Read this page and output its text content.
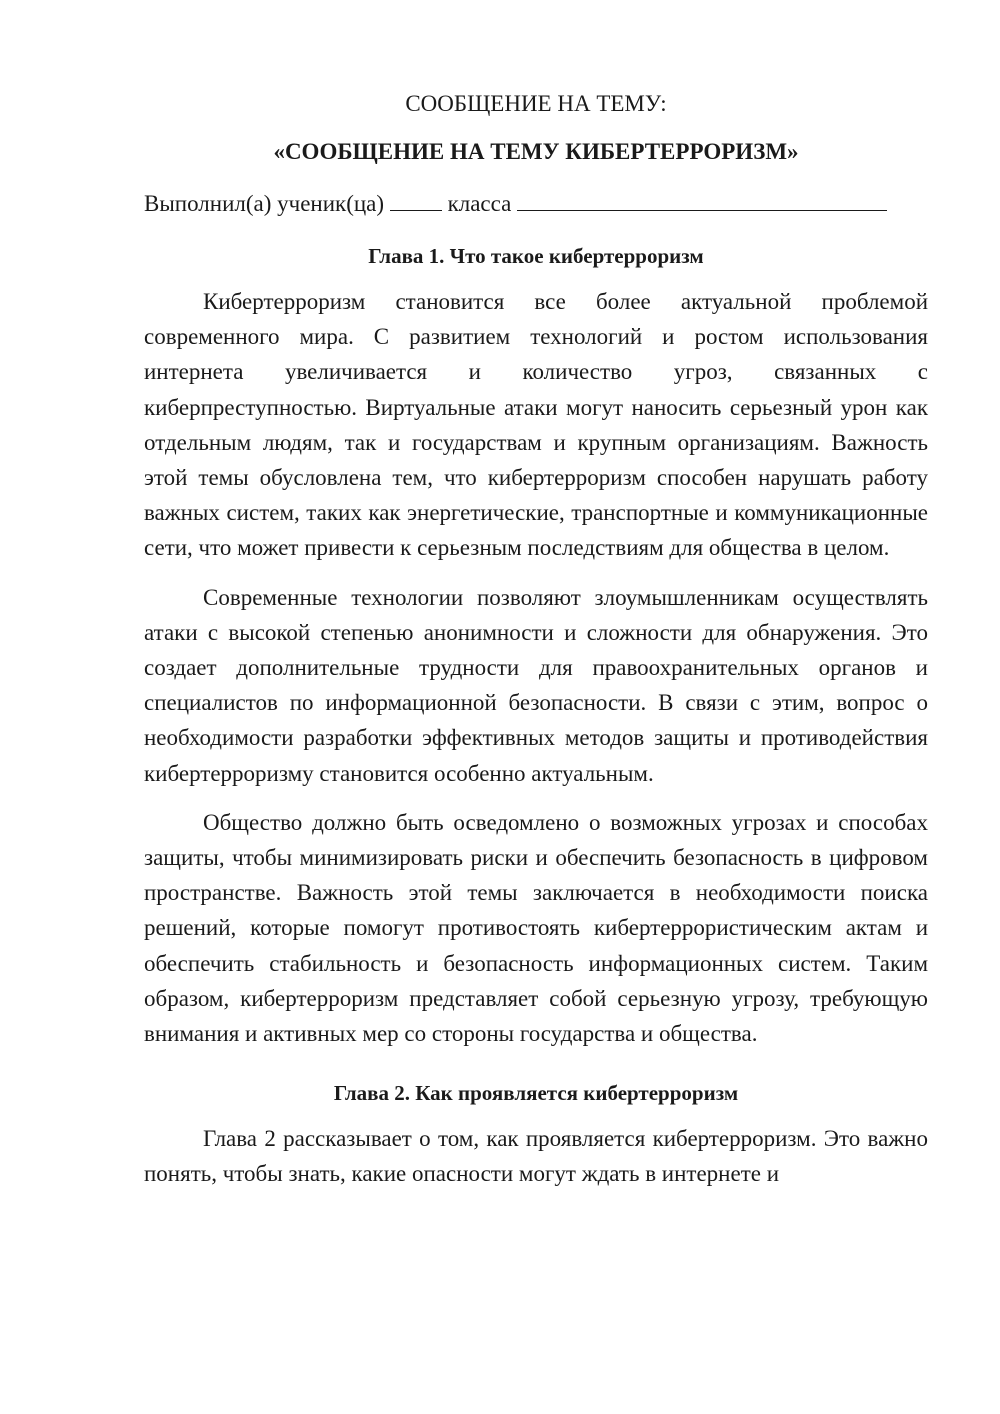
СООБЩЕНИЕ НА ТЕМУ:
«СООБЩЕНИЕ НА ТЕМУ КИБЕРТЕРРОРИЗМ»

Выполнил(а) ученик(ца)	класса

Глава 1. Что такое кибертерроризм

Кибертерроризм становится все более актуальной проблемой современного мира. С развитием технологий и ростом использования интернета увеличивается и количество угроз, связанных с киберпреступностью. Виртуальные атаки могут наносить серьезный урон как отдельным людям, так и государствам и крупным организациям. Важность этой темы обусловлена тем, что кибертерроризм способен нарушать работу важных систем, таких как энергетические, транспортные и коммуникационные сети, что может привести к серьезным последствиям для общества в целом.

Современные технологии позволяют злоумышленникам осуществлять атаки с высокой степенью анонимности и сложности для обнаружения. Это создает дополнительные трудности для правоохранительных органов и специалистов по информационной безопасности. В связи с этим, вопрос о необходимости разработки эффективных методов защиты и противодействия кибертерроризму становится особенно актуальным.

Общество должно быть осведомлено о возможных угрозах и способах защиты, чтобы минимизировать риски и обеспечить безопасность в цифровом пространстве. Важность этой темы заключается в необходимости поиска решений, которые помогут противостоять кибертеррористическим актам и обеспечить стабильность и безопасность информационных систем. Таким образом, кибертерроризм представляет собой серьезную угрозу, требующую внимания и активных мер со стороны государства и общества.

Глава 2. Как проявляется кибертерроризм

Глава 2 рассказывает о том, как проявляется кибертерроризм. Это важно понять, чтобы знать, какие опасности могут ждать в интернете и
